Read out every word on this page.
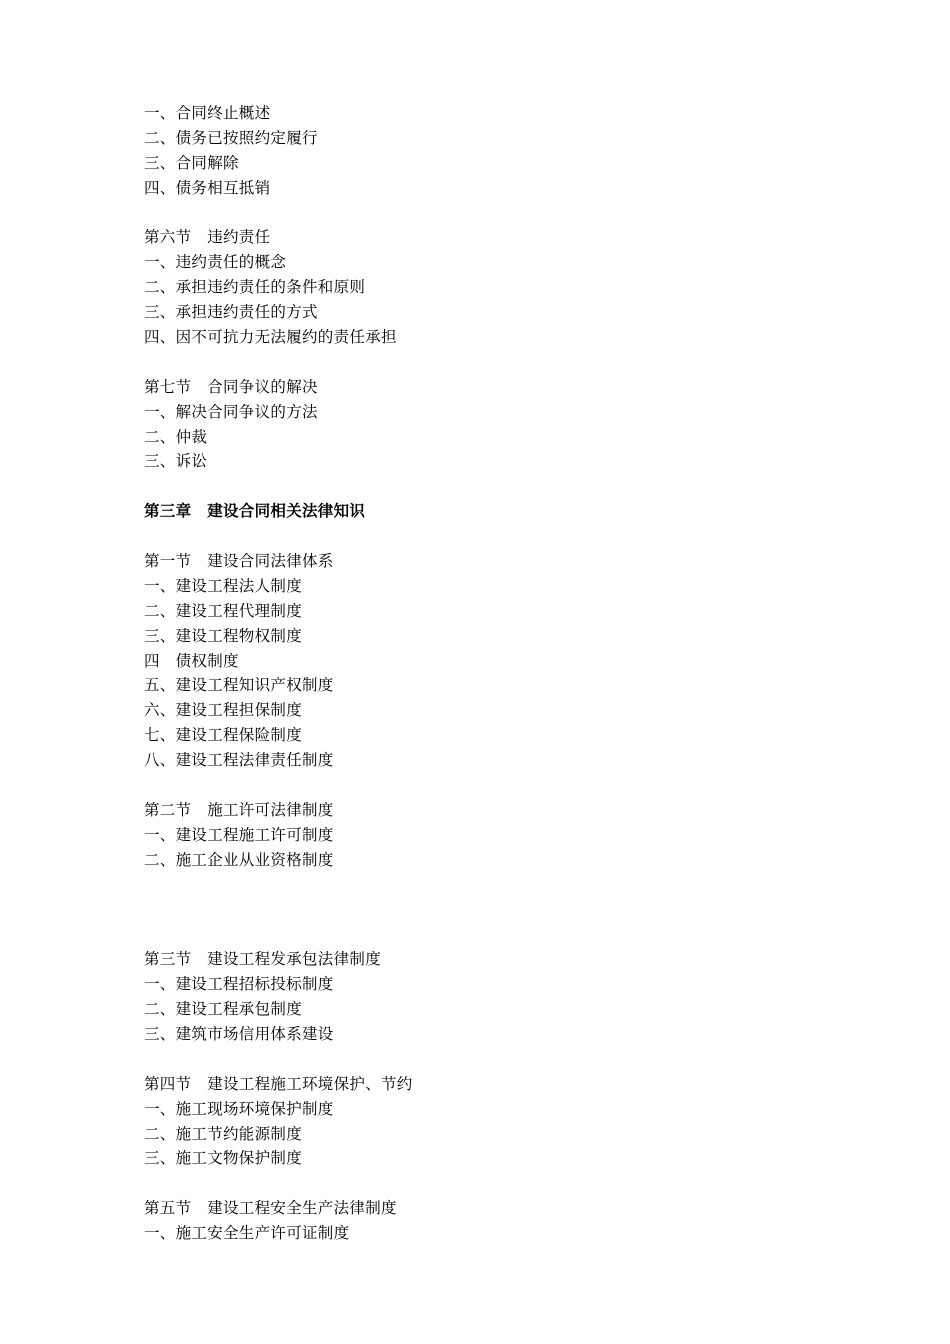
一、合同终止概述
二、债务已按照约定履行
三、合同解除
四、债务相互抵销
第六节　违约责任
一、违约责任的概念
二、承担违约责任的条件和原则
三、承担违约责任的方式
四、因不可抗力无法履约的责任承担
第七节　合同争议的解决
一、解决合同争议的方法
二、仲裁
三、诉讼
第三章　建设合同相关法律知识
第一节　建设合同法律体系
一、建设工程法人制度
二、建设工程代理制度
三、建设工程物权制度
四　债权制度
五、建设工程知识产权制度
六、建设工程担保制度
七、建设工程保险制度
八、建设工程法律责任制度
第二节　施工许可法律制度
一、建设工程施工许可制度
二、施工企业从业资格制度
第三节　建设工程发承包法律制度
一、建设工程招标投标制度
二、建设工程承包制度
三、建筑市场信用体系建设
第四节　建设工程施工环境保护、节约
一、施工现场环境保护制度
二、施工节约能源制度
三、施工文物保护制度
第五节　建设工程安全生产法律制度
一、施工安全生产许可证制度
